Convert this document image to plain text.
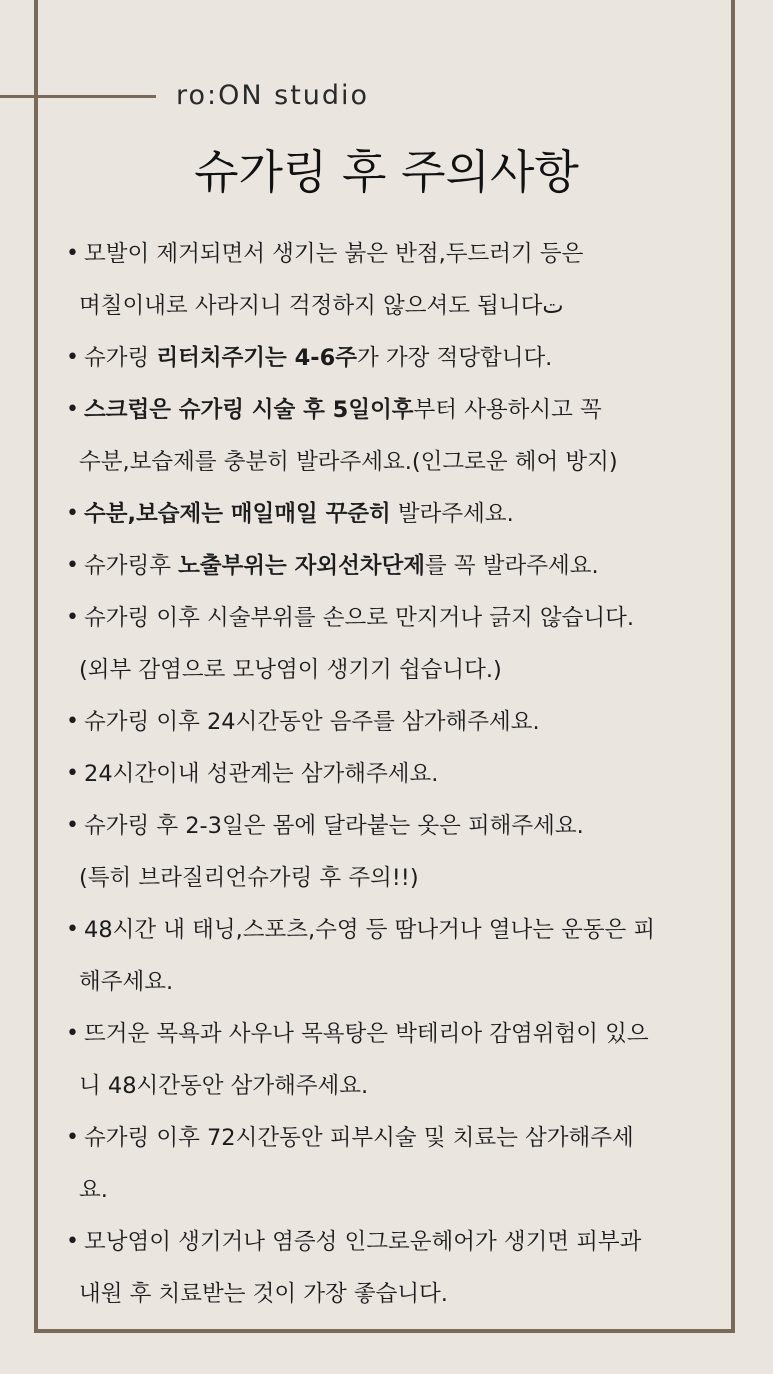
ro:ON studio
슈가링 후 주의사항
• 모발이 제거되면서 생기는 붉은 반점,두드러기 등은
며칠이내로 사라지니 걱정하지 않으셔도 됩니다ت
• 슈가링 리터치주기는 4-6주가 가장 적당합니다.
• 스크럽은 슈가링 시술 후 5일이후부터 사용하시고 꼭
수분,보습제를 충분히 발라주세요.(인그로운 헤어 방지)
• 수분,보습제는 매일매일 꾸준히 발라주세요.
• 슈가링후 노출부위는 자외선차단제를 꼭 발라주세요.
• 슈가링 이후 시술부위를 손으로 만지거나 긁지 않습니다.
(외부 감염으로 모낭염이 생기기 쉽습니다.)
• 슈가링 이후 24시간동안 음주를 삼가해주세요.
• 24시간이내 성관계는 삼가해주세요.
• 슈가링 후 2-3일은 몸에 달라붙는 옷은 피해주세요.
(특히 브라질리언슈가링 후 주의!!)
• 48시간 내 태닝,스포츠,수영 등 땀나거나 열나는 운동은 피
해주세요.
• 뜨거운 목욕과 사우나 목욕탕은 박테리아 감염위험이 있으
니 48시간동안 삼가해주세요.
• 슈가링 이후 72시간동안 피부시술 및 치료는 삼가해주세
요.
• 모낭염이 생기거나 염증성 인그로운헤어가 생기면 피부과
내원 후 치료받는 것이 가장 좋습니다.
